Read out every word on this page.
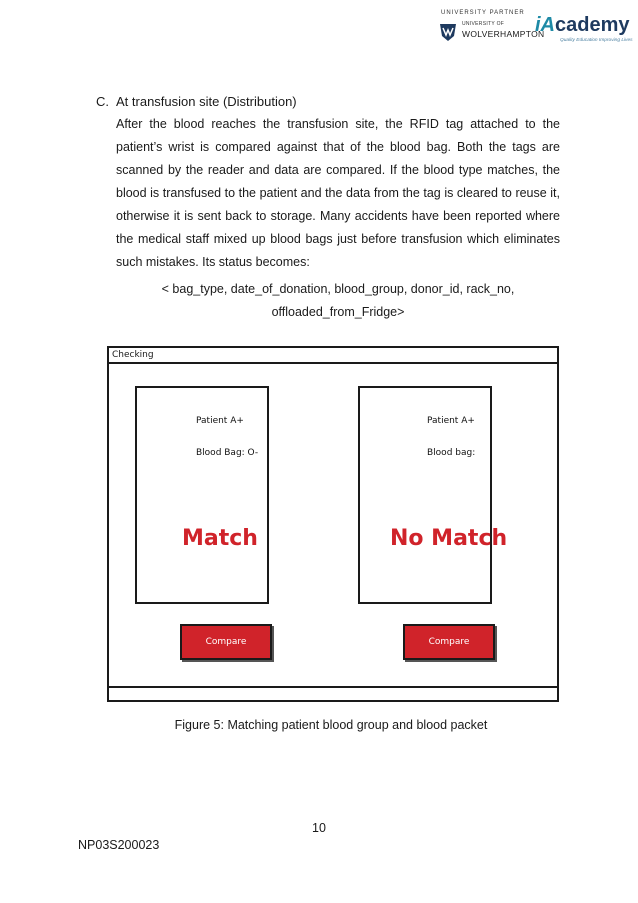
UNIVERSITY PARTNER
UNIVERSITY OF
WOLVERHAMPTON
iAcademy
Quality Education Improving Lives
C. At transfusion site (Distribution)
After the blood reaches the transfusion site, the RFID tag attached to the patient’s wrist is compared against that of the blood bag. Both the tags are scanned by the reader and data are compared. If the blood type matches, the blood is transfused to the patient and the data from the tag is cleared to reuse it, otherwise it is sent back to storage. Many accidents have been reported where the medical staff mixed up blood bags just before transfusion which eliminates such mistakes. Its status becomes:
< bag_type, date_of_donation, blood_group, donor_id, rack_no,
offloaded_from_Fridge>
Checking
Patient A+
Blood Bag: O-
Match
Patient A+
Blood bag:
No Match
Compare	Compare
Figure 5: Matching patient blood group and blood packet
10
NP03S200023
